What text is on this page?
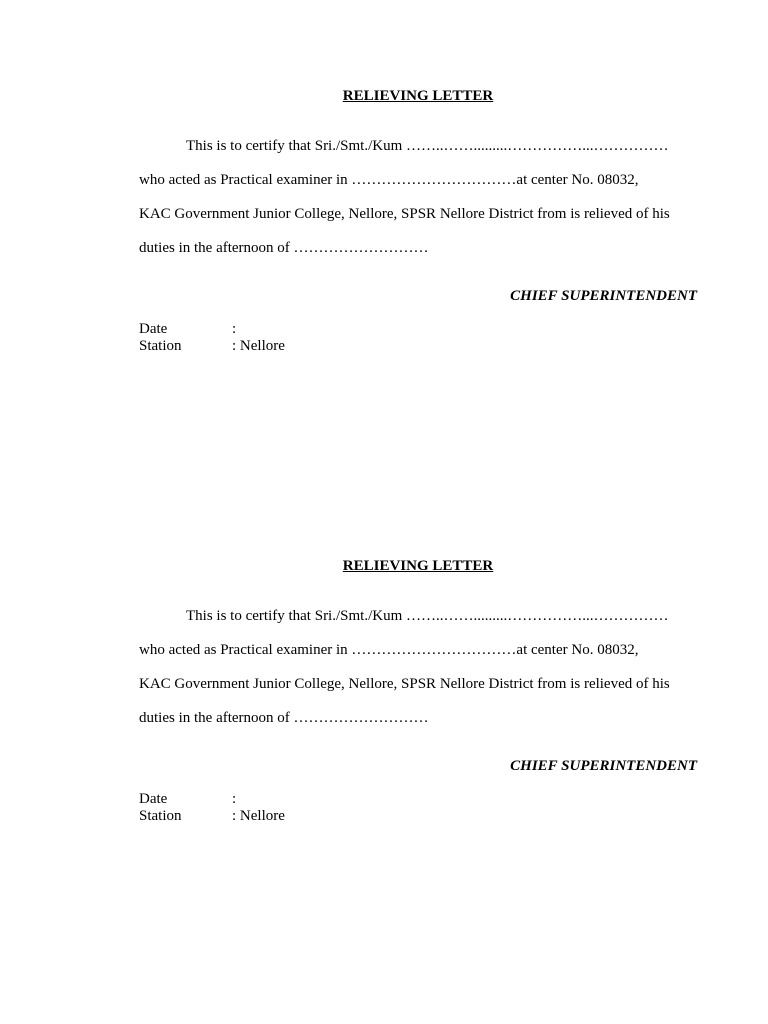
RELIEVING LETTER

This is to certify that Sri./Smt./Kum ……..…….........……………...……………

who acted as Practical examiner in ……………………………at center No. 08032,

KAC Government Junior College, Nellore, SPSR Nellore District from is relieved of his

duties in the afternoon of ………………………

CHIEF SUPERINTENDENT

Date	:
Station	: Nellore

RELIEVING LETTER

This is to certify that Sri./Smt./Kum ……..…….........……………...……………

who acted as Practical examiner in ……………………………at center No. 08032,

KAC Government Junior College, Nellore, SPSR Nellore District from is relieved of his

duties in the afternoon of ………………………

CHIEF SUPERINTENDENT

Date	:
Station	: Nellore
